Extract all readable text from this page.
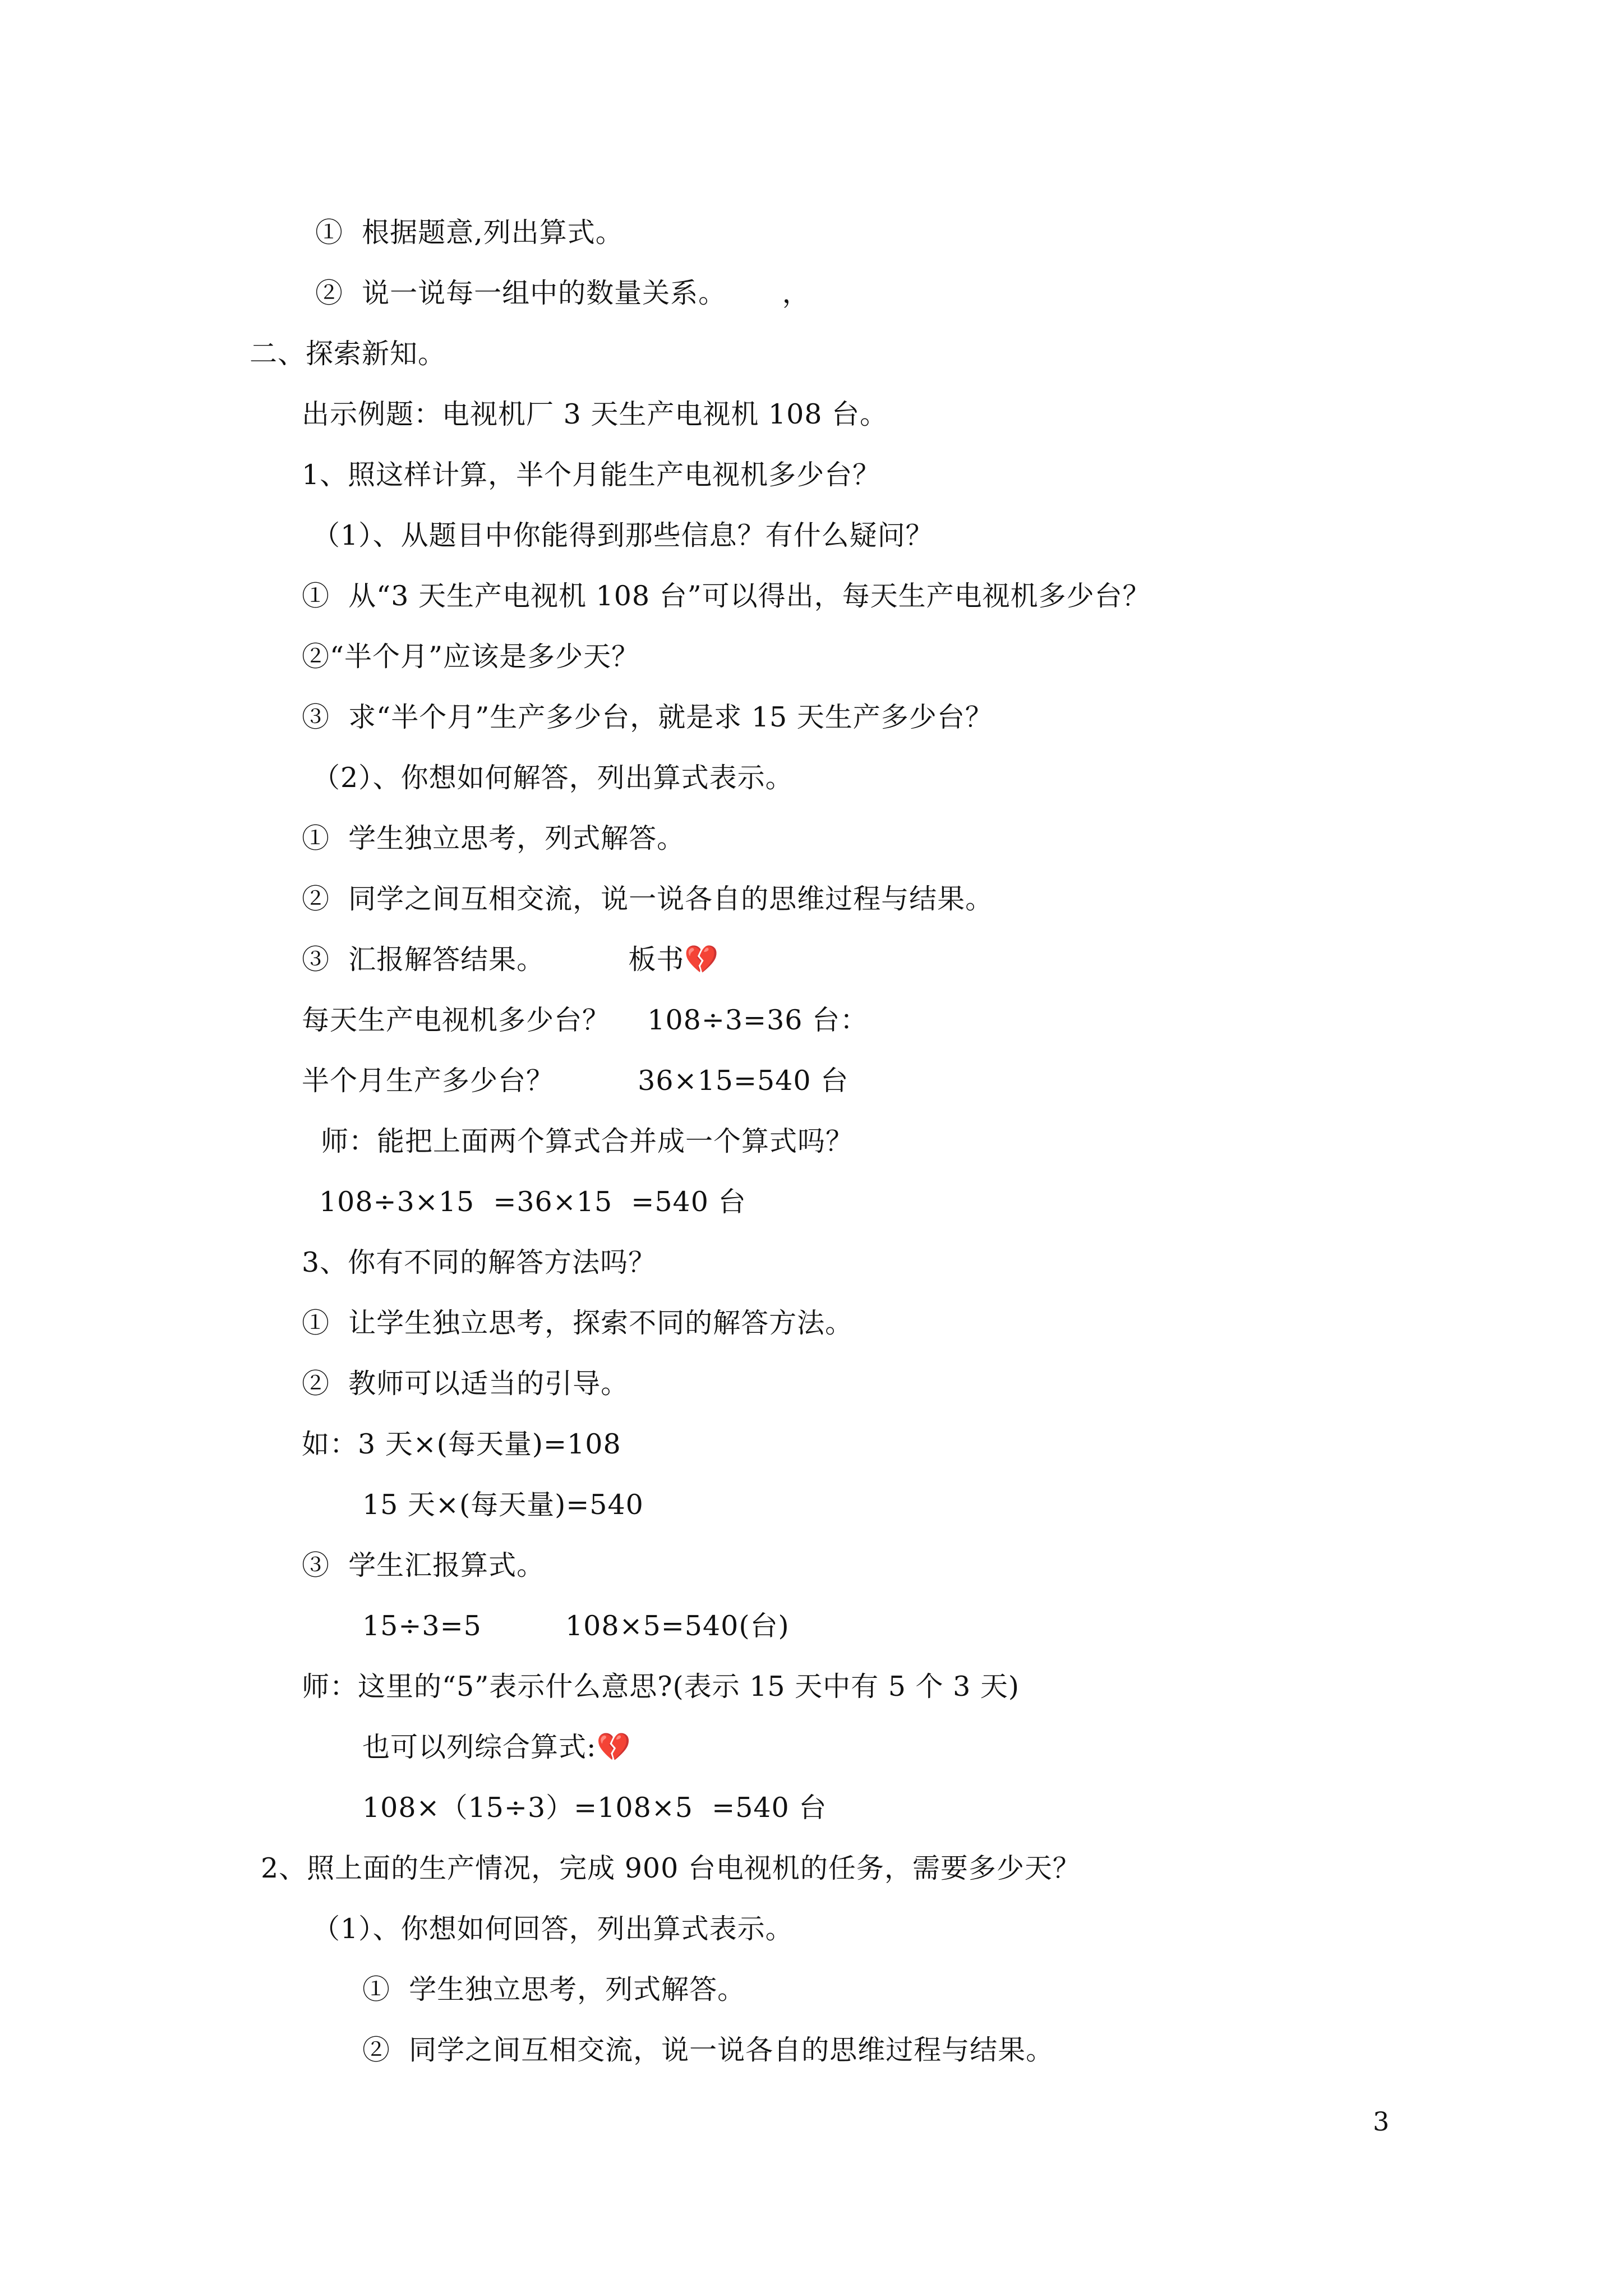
①  根据题意,列出算式。
②  说一说每一组中的数量关系。      ，
二、探索新知。
出示例题：电视机厂 3 天生产电视机 108 台。
1、照这样计算，半个月能生产电视机多少台？
（1）、从题目中你能得到那些信息？有什么疑问？
①  从“3 天生产电视机 108 台”可以得出，每天生产电视机多少台？
②“半个月”应该是多少天？
③  求“半个月”生产多少台，就是求 15 天生产多少台？
（2）、你想如何解答，列出算式表示。
①  学生独立思考，列式解答。
②  同学之间互相交流，说一说各自的思维过程与结果。
③  汇报解答结果。         板书💔
每天生产电视机多少台？    108÷3=36 台：
半个月生产多少台？         36×15=540 台
师：能把上面两个算式合并成一个算式吗？
108÷3×15  =36×15  =540 台
3、你有不同的解答方法吗？
①  让学生独立思考，探索不同的解答方法。
②  教师可以适当的引导。
如：3 天×(每天量)=108
15 天×(每天量)=540
③  学生汇报算式。
15÷3=5         108×5=540(台)
师：这里的“5”表示什么意思?(表示 15 天中有 5 个 3 天)
也可以列综合算式:💔
108×（15÷3）=108×5  =540 台
2、照上面的生产情况，完成 900 台电视机的任务，需要多少天？
（1）、你想如何回答，列出算式表示。
①  学生独立思考，列式解答。
②  同学之间互相交流，说一说各自的思维过程与结果。
3
